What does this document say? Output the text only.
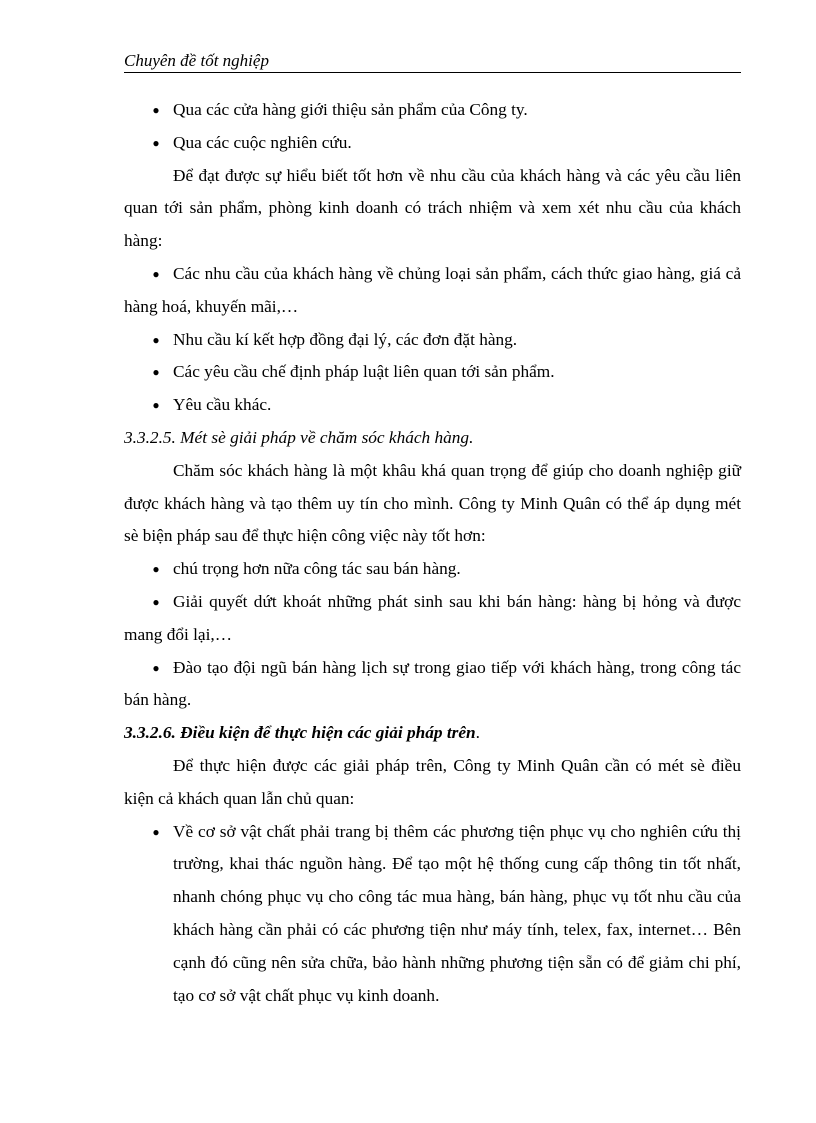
Chuyên đề tốt nghiệp
● Qua các cửa hàng giới thiệu sản phẩm của Công ty.
● Qua các cuộc nghiên cứu.
Để đạt được sự hiểu biết tốt hơn về nhu cầu của khách hàng và các yêu cầu liên quan tới sản phẩm, phòng kinh doanh có trách nhiệm và xem xét nhu cầu của khách hàng:
● Các nhu cầu của khách hàng về chủng loại sản phẩm, cách thức giao hàng, giá cả hàng hoá, khuyến mãi,…
● Nhu cầu kí kết hợp đồng đại lý, các đơn đặt hàng.
● Các yêu cầu chế định pháp luật liên quan tới sản phẩm.
● Yêu cầu khác.
3.3.2.5. Mét sè giải pháp về chăm sóc khách hàng.
Chăm sóc khách hàng là một khâu khá quan trọng để giúp cho doanh nghiệp giữ được khách hàng và tạo thêm uy tín cho mình. Công ty Minh Quân có thể áp dụng mét sè biện pháp sau để thực hiện công việc này tốt hơn:
● chú trọng hơn nữa công tác sau bán hàng.
● Giải quyết dứt khoát những phát sinh sau khi bán hàng: hàng bị hỏng và được mang đổi lại,…
● Đào tạo đội ngũ bán hàng lịch sự trong giao tiếp với khách hàng, trong công tác bán hàng.
3.3.2.6. Điều kiện để thực hiện các giải pháp trên.
Để thực hiện được các giải pháp trên, Công ty Minh Quân cần có mét sè điều kiện cả khách quan lẫn chủ quan:
● Về cơ sở vật chất phải trang bị thêm các phương tiện phục vụ cho nghiên cứu thị trường, khai thác nguồn hàng. Để tạo một hệ thống cung cấp thông tin tốt nhất, nhanh chóng phục vụ cho công tác mua hàng, bán hàng, phục vụ tốt nhu cầu của khách hàng cần phải có các phương tiện như máy tính, telex, fax, internet… Bên cạnh đó cũng nên sửa chữa, bảo hành những phương tiện sẵn có để giảm chi phí, tạo cơ sở vật chất phục vụ kinh doanh.
